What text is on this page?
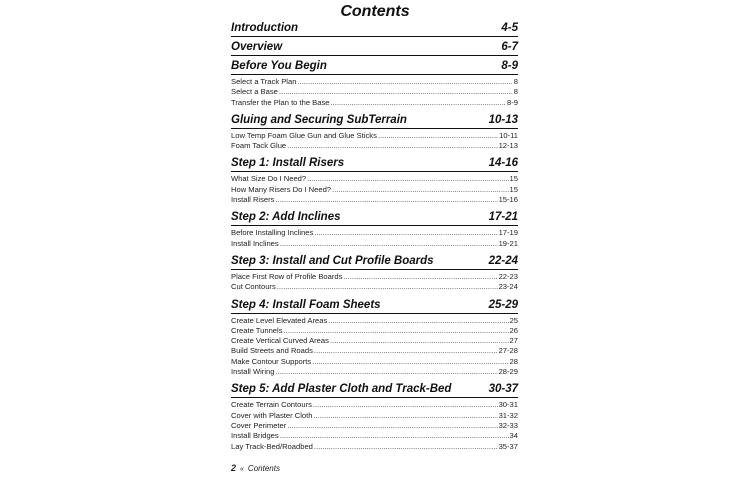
Contents
Introduction	4-5
Overview	6-7
Before You Begin	8-9
Select a Track Plan .....	8
Select a Base .....	8
Transfer the Plan to the Base .....	8-9
Gluing and Securing SubTerrain	10-13
Low Temp Foam Glue Gun and Glue Sticks .....	10-11
Foam Tack Glue .....	12-13
Step 1: Install Risers	14-16
What Size Do I Need? .....	15
How Many Risers Do I Need? .....	15
Install Risers .....	15-16
Step 2: Add Inclines	17-21
Before Installing Inclines .....	17-19
Install Inclines .....	19-21
Step 3: Install and Cut Profile Boards	22-24
Place First Row of Profile Boards .....	22-23
Cut Contours .....	23-24
Step 4: Install Foam Sheets	25-29
Create Level Elevated Areas .....	25
Create Tunnels .....	26
Create Vertical Curved Areas .....	27
Build Streets and Roads .....	27-28
Make Contour Supports .....	28
Install Wiring .....	28-29
Step 5: Add Plaster Cloth and Track-Bed	30-37
Create Terrain Contours .....	30-31
Cover with Plaster Cloth .....	31-32
Cover Perimeter .....	32-33
Install Bridges .....	34
Lay Track-Bed/Roadbed .....	35-37
2 « Contents
